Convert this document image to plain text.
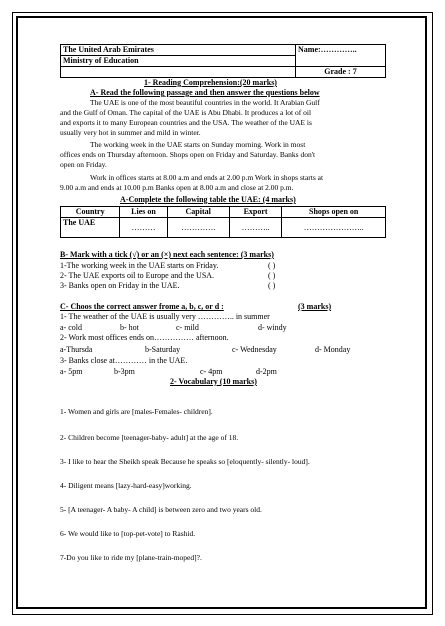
The United Arab Emirates	Name:…………..
Ministry of Education	
	Grade : 7
1- Reading Comprehension:(20 marks)
A- Read the following passage and then answer the questions below
The UAE is one of the most beautiful countries in the world. It Arabian Gulf
and the Gulf of Oman. The capital of the UAE is Abu Dhabi. It produces a lot of oil
and exports it to many European countries and the USA. The weather of the UAE is
usually very hot in summer and mild in winter.
The working week in the UAE starts on Sunday morning. Work in most
offices ends on Thursday afternoon. Shops open on Friday and Saturday. Banks don't
open on Friday.
Work in offices starts at 8.00 a.m and ends at 2.00 p.m Work in shops starts at
9.00 a.m and ends at 10.00 p.m Banks open at 8.00 a.m and close at 2.00 p.m.
A-Complete the following table the UAE: (4 marks)
Country	Lies on	Capital	Export	Shops open on
The UAE	………	………….	………..	…………………..
B- Mark with a tick (√) or an (×) next each sentence: (3 marks)
1-The working week in the UAE starts on Friday.	( )
2- The UAE exports oil to Europe and the USA.	( )
3- Banks open on Friday in the UAE.	( )
C- Choos the correct answer frome a, b, c, or d :	(3 marks)
1- The weather of the UAE is usually very ………….. in summer
a- cold	b- hot	c- mild	d- windy
2- Work most offices ends on…………… afternoon.
a-Thursda	b-Saturday	c- Wednesday	d- Monday
3- Banks close at………… in the UAE.
a- 5pm	b-3pm	c- 4pm	d-2pm
2- Vocabulary (10 marks)
1- Women and girls are [males-Females- children].
2- Children become [teenager-baby- adult] at the age of 18.
3- I like to hear the Sheikh speak Because he speaks so [eloquently- silently- loud].
4- Diligent means [lazy-hard-easy]working.
5- [A teenager- A baby- A child] is between zero and two years old.
6- We would like to [top-pet-vote] to Rashid.
7-Do you like to ride my [plane-train-moped]?.
